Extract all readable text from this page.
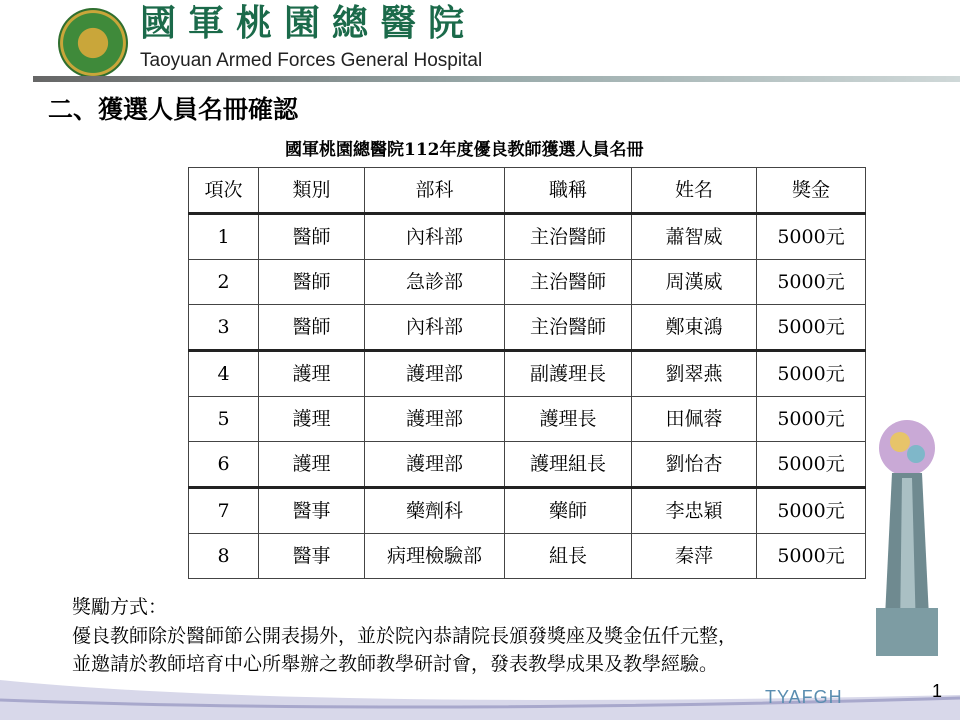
國軍桃園總醫院
Taoyuan Armed Forces General Hospital
二、獲選人員名冊確認
國軍桃園總醫院112年度優良教師獲選人員名冊
項次	類別	部科	職稱	姓名	獎金
1	醫師	內科部	主治醫師	蕭智威	5000元
2	醫師	急診部	主治醫師	周漢威	5000元
3	醫師	內科部	主治醫師	鄭東鴻	5000元
4	護理	護理部	副護理長	劉翠燕	5000元
5	護理	護理部	護理長	田佩蓉	5000元
6	護理	護理部	護理組長	劉怡杏	5000元
7	醫事	藥劑科	藥師	李忠穎	5000元
8	醫事	病理檢驗部	組長	秦萍	5000元
獎勵方式：
優良教師除於醫師節公開表揚外，並於院內恭請院長頒發獎座及獎金伍仟元整，並邀請於教師培育中心所舉辦之教師教學研討會，發表教學成果及教學經驗。
TYAFGH	1
